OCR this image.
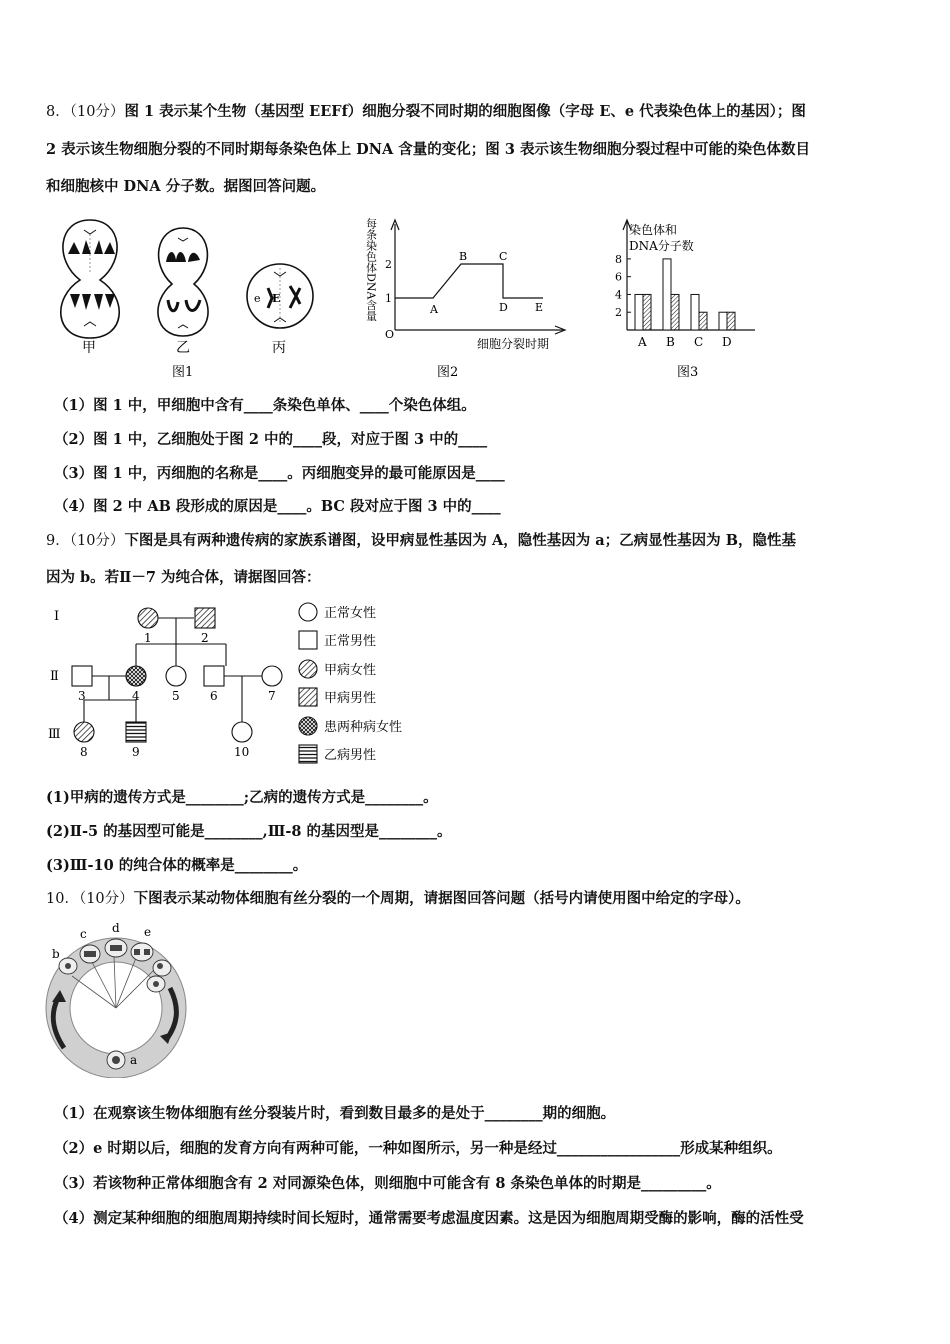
8．（10分）图 1 表示某个生物（基因型 EEFf）细胞分裂不同时期的细胞图像（字母 E、e 代表染色体上的基因）；图
2 表示该生物细胞分裂的不同时期每条染色体上 DNA 含量的变化；图 3 表示该生物细胞分裂过程中可能的染色体数目
和细胞核中 DNA 分子数。据图回答问题。
e E
甲	乙	丙
图1
每条染色体DNA含量
O
1
2
A
B	C
D E
细胞分裂时期
图2
染色体和
DNA分子数
2
4
6
8
A B C D
图3
（1）图 1 中，甲细胞中含有____条染色单体、____个染色体组。
（2）图 1 中，乙细胞处于图 2 中的____段，对应于图 3 中的____
（3）图 1 中，丙细胞的名称是____。丙细胞变异的最可能原因是____
（4）图 2 中 AB 段形成的原因是____。BC 段对应于图 3 中的____
9．（10分）下图是具有两种遗传病的家族系谱图，设甲病显性基因为 A，隐性基因为 a；乙病显性基因为 B，隐性基
因为 b。若Ⅱ－7 为纯合体，请据图回答：
Ⅰ
Ⅱ
Ⅲ
1	2
3	4	5	6	7
8	9	10
正常女性
正常男性
甲病女性
甲病男性
患两种病女性
乙病男性
(1)甲病的遗传方式是________;乙病的遗传方式是________。
(2)Ⅱ-5 的基因型可能是________,Ⅲ-8 的基因型是________。
(3)Ⅲ-10 的纯合体的概率是________。
10．（10分）下图表示某动物体细胞有丝分裂的一个周期，请据图回答问题（括号内请使用图中给定的字母）。
a
b
c d e
（1）在观察该生物体细胞有丝分裂装片时，看到数目最多的是处于________期的细胞。
（2）e 时期以后，细胞的发育方向有两种可能，一种如图所示，另一种是经过_________________形成某种组织。
（3）若该物种正常体细胞含有 2 对同源染色体，则细胞中可能含有 8 条染色单体的时期是_________。
（4）测定某种细胞的细胞周期持续时间长短时，通常需要考虑温度因素。这是因为细胞周期受酶的影响，酶的活性受
